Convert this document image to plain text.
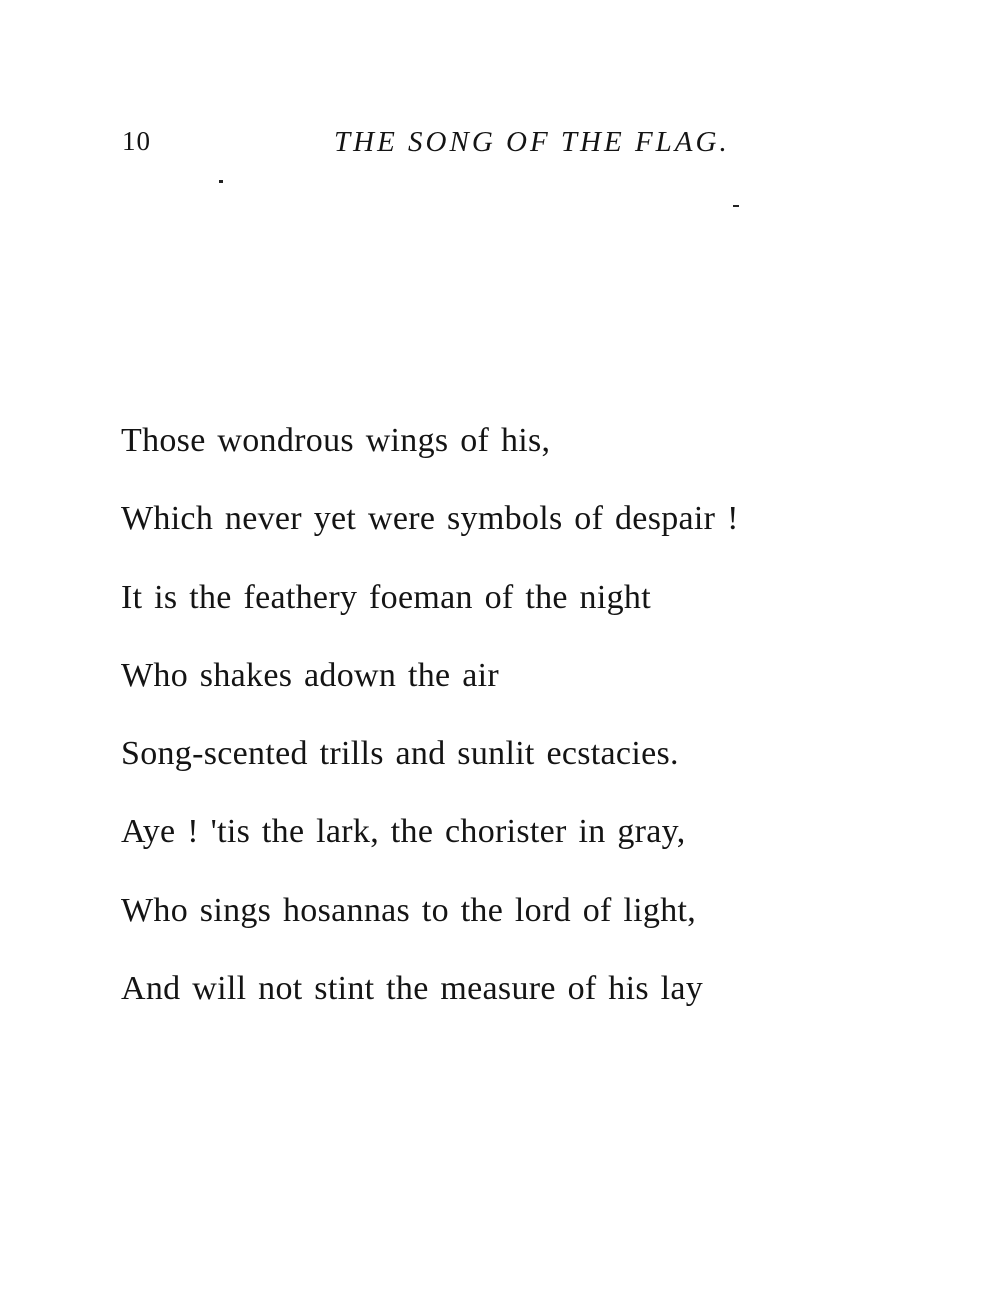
10	THE SONG OF THE FLAG.
Those wondrous wings of his,
Which never yet were symbols of despair !
It is the feathery foeman of the night
Who shakes adown the air
Song-scented trills and sunlit ecstacies.
Aye ! 'tis the lark, the chorister in gray,
Who sings hosannas to the lord of light,
And will not stint the measure of his lay
